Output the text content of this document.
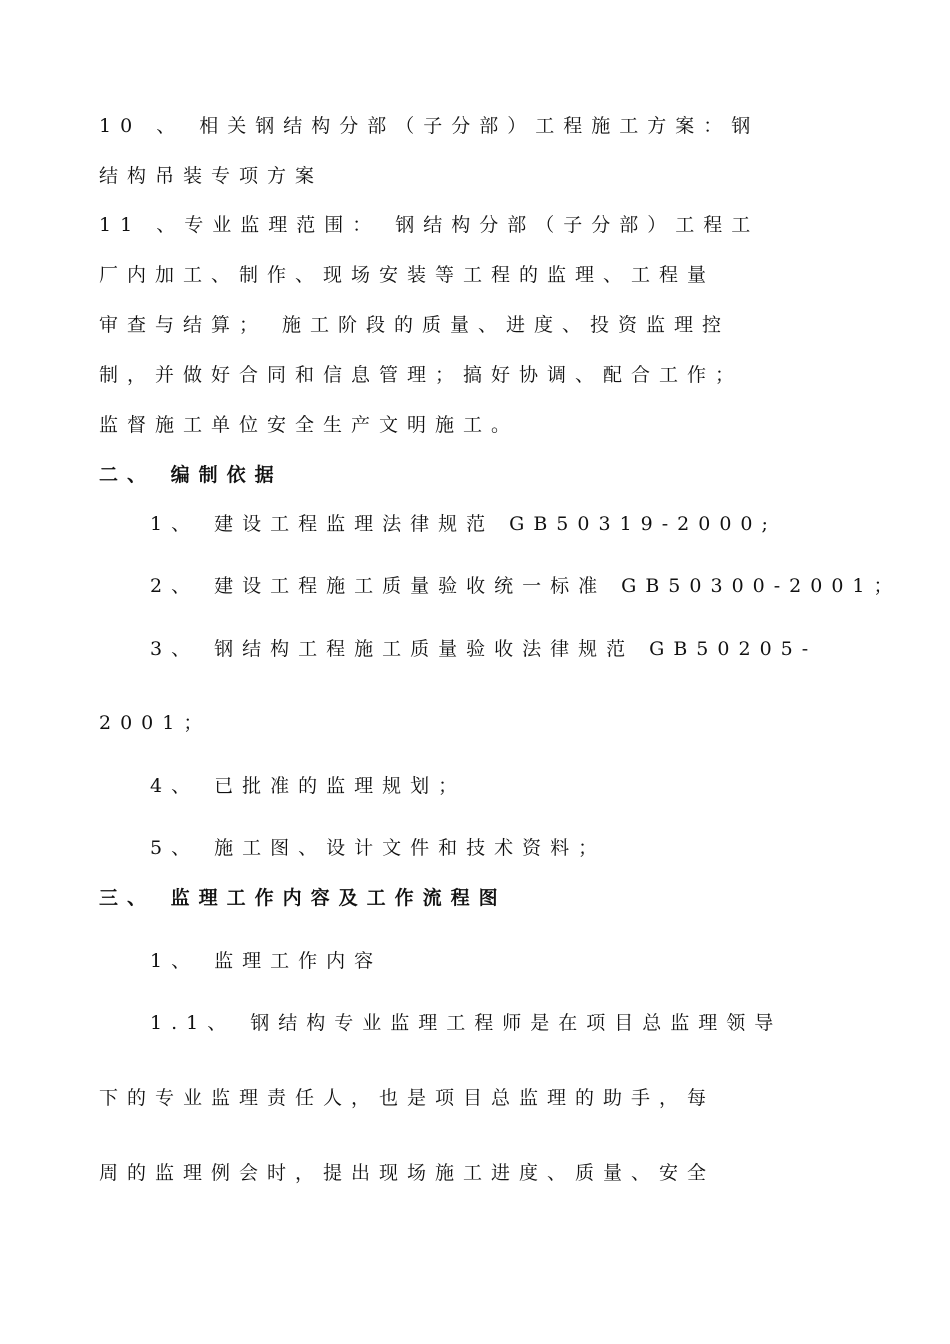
10 、 相关钢结构分部（子分部）工程施工方案：钢
结构吊装专项方案
11 、专业监理范围： 钢结构分部（子分部）工程工
厂内加工、制作、现场安装等工程的监理、工程量
审查与结算； 施工阶段的质量、进度、投资监理控
制，并做好合同和信息管理；搞好协调、配合工作；
监督施工单位安全生产文明施工。
二、 编制依据
1、 建设工程监理法律规范 GB50319-2000;
2、 建设工程施工质量验收统一标准 GB50300-2001；
3、 钢结构工程施工质量验收法律规范 GB50205-
2001；
4、 已批准的监理规划；
5、 施工图、设计文件和技术资料；
三、 监理工作内容及工作流程图
1、 监理工作内容
1.1、 钢结构专业监理工程师是在项目总监理领导
下的专业监理责任人，也是项目总监理的助手，每
周的监理例会时，提出现场施工进度、质量、安全
